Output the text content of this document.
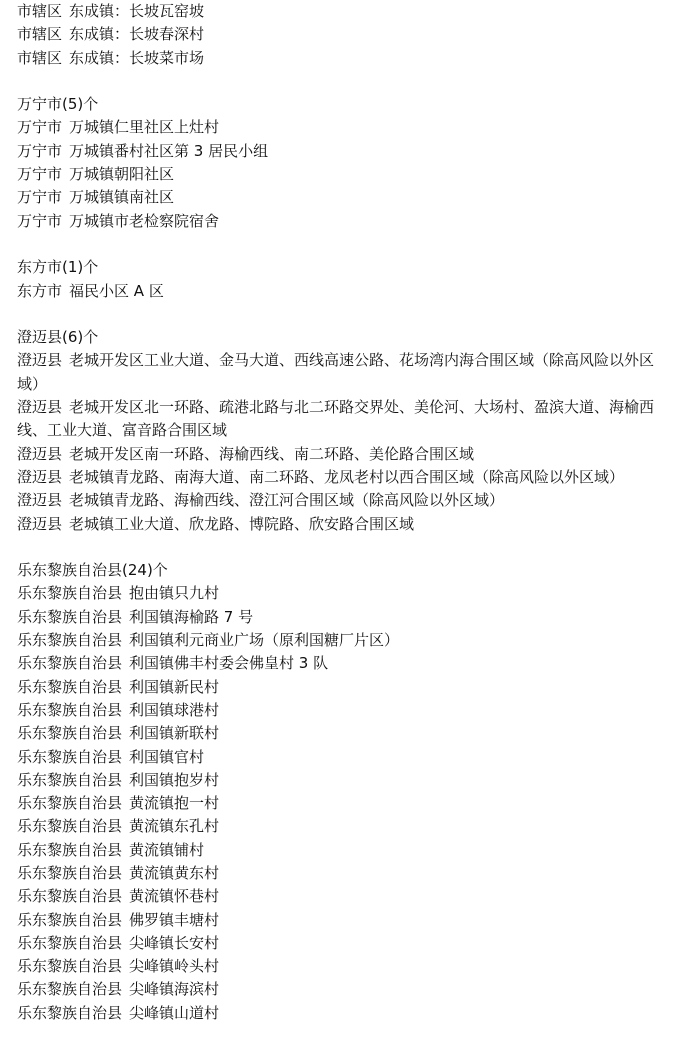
市辖区 东成镇：长坡瓦窑坡
市辖区 东成镇：长坡春深村
市辖区 东成镇：长坡菜市场
万宁市(5)个
万宁市 万城镇仁里社区上灶村
万宁市 万城镇番村社区第 3 居民小组
万宁市 万城镇朝阳社区
万宁市 万城镇镇南社区
万宁市 万城镇市老检察院宿舍
东方市(1)个
东方市 福民小区 A 区
澄迈县(6)个
澄迈县 老城开发区工业大道、金马大道、西线高速公路、花场湾内海合围区域（除高风险以外区域）
澄迈县 老城开发区北一环路、疏港北路与北二环路交界处、美伦河、大场村、盈滨大道、海榆西线、工业大道、富音路合围区域
澄迈县 老城开发区南一环路、海榆西线、南二环路、美伦路合围区域
澄迈县 老城镇青龙路、南海大道、南二环路、龙凤老村以西合围区域（除高风险以外区域）
澄迈县 老城镇青龙路、海榆西线、澄江河合围区域（除高风险以外区域）
澄迈县 老城镇工业大道、欣龙路、博院路、欣安路合围区域
乐东黎族自治县(24)个
乐东黎族自治县 抱由镇只九村
乐东黎族自治县 利国镇海榆路 7 号
乐东黎族自治县 利国镇利元商业广场（原利国糖厂片区）
乐东黎族自治县 利国镇佛丰村委会佛皇村 3 队
乐东黎族自治县 利国镇新民村
乐东黎族自治县 利国镇球港村
乐东黎族自治县 利国镇新联村
乐东黎族自治县 利国镇官村
乐东黎族自治县 利国镇抱岁村
乐东黎族自治县 黄流镇抱一村
乐东黎族自治县 黄流镇东孔村
乐东黎族自治县 黄流镇铺村
乐东黎族自治县 黄流镇黄东村
乐东黎族自治县 黄流镇怀巷村
乐东黎族自治县 佛罗镇丰塘村
乐东黎族自治县 尖峰镇长安村
乐东黎族自治县 尖峰镇岭头村
乐东黎族自治县 尖峰镇海滨村
乐东黎族自治县 尖峰镇山道村
